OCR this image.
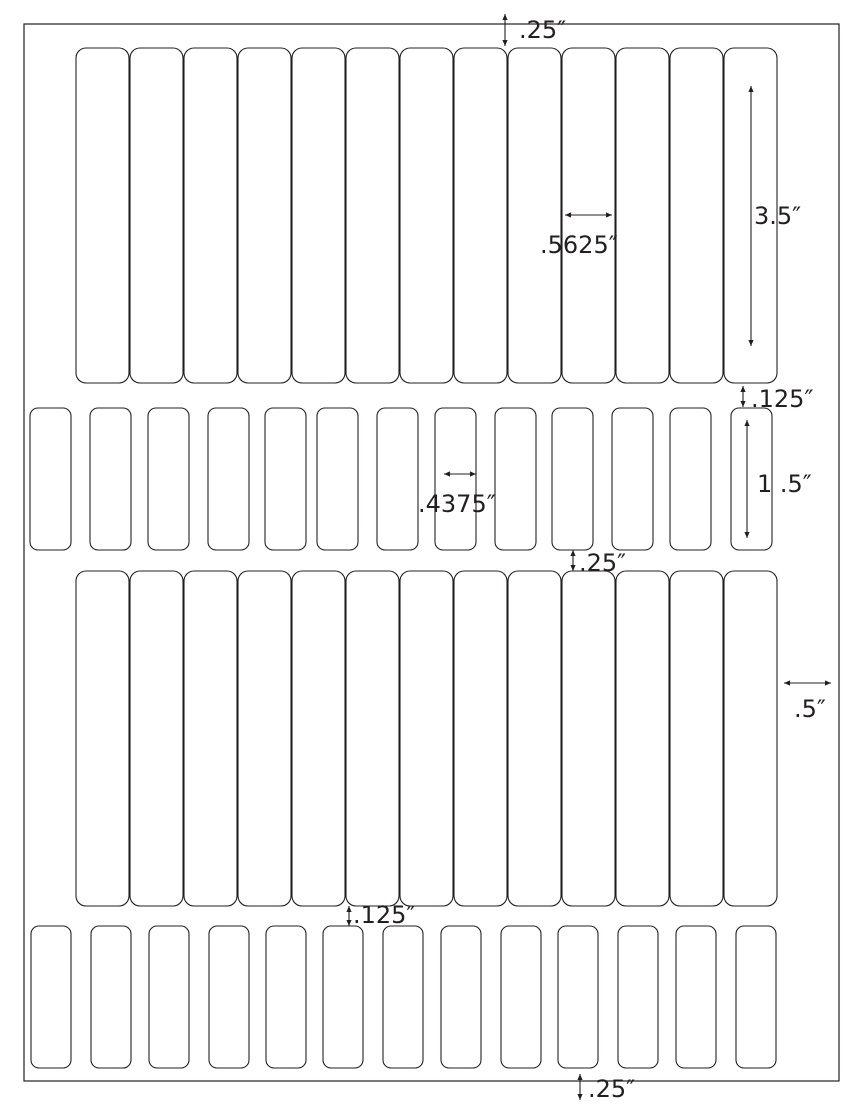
.25″
.5625″
3.5″
.125″
.4375″
1 .5″
.25″
.5″
.125″
.25″
